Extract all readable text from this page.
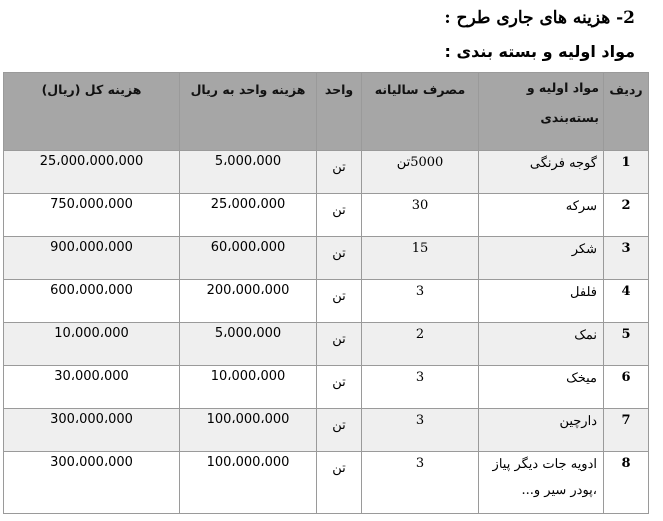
2- هزینه های جاری طرح :
مواد اولیه و بسته بندی :
ردیف	مواد اولیه و بسته‌بندی	مصرف سالیانه	واحد	هزینه واحد به ریال	هزینه کل (ریال)
1	گوجه فرنگی	5000تن	تن	5،000،000	25،000،000،000
2	سرکه	30	تن	25،000،000	750،000،000
3	شکر	15	تن	60،000،000	900،000،000
4	فلفل	3	تن	200،000،000	600،000،000
5	نمک	2	تن	5،000،000	10،000،000
6	میخک	3	تن	10،000،000	30،000،000
7	دارچین	3	تن	100،000،000	300،000،000
8	ادویه جات دیگر پیاز ،پودر سیر و...	3	تن	100،000،000	300،000،000
